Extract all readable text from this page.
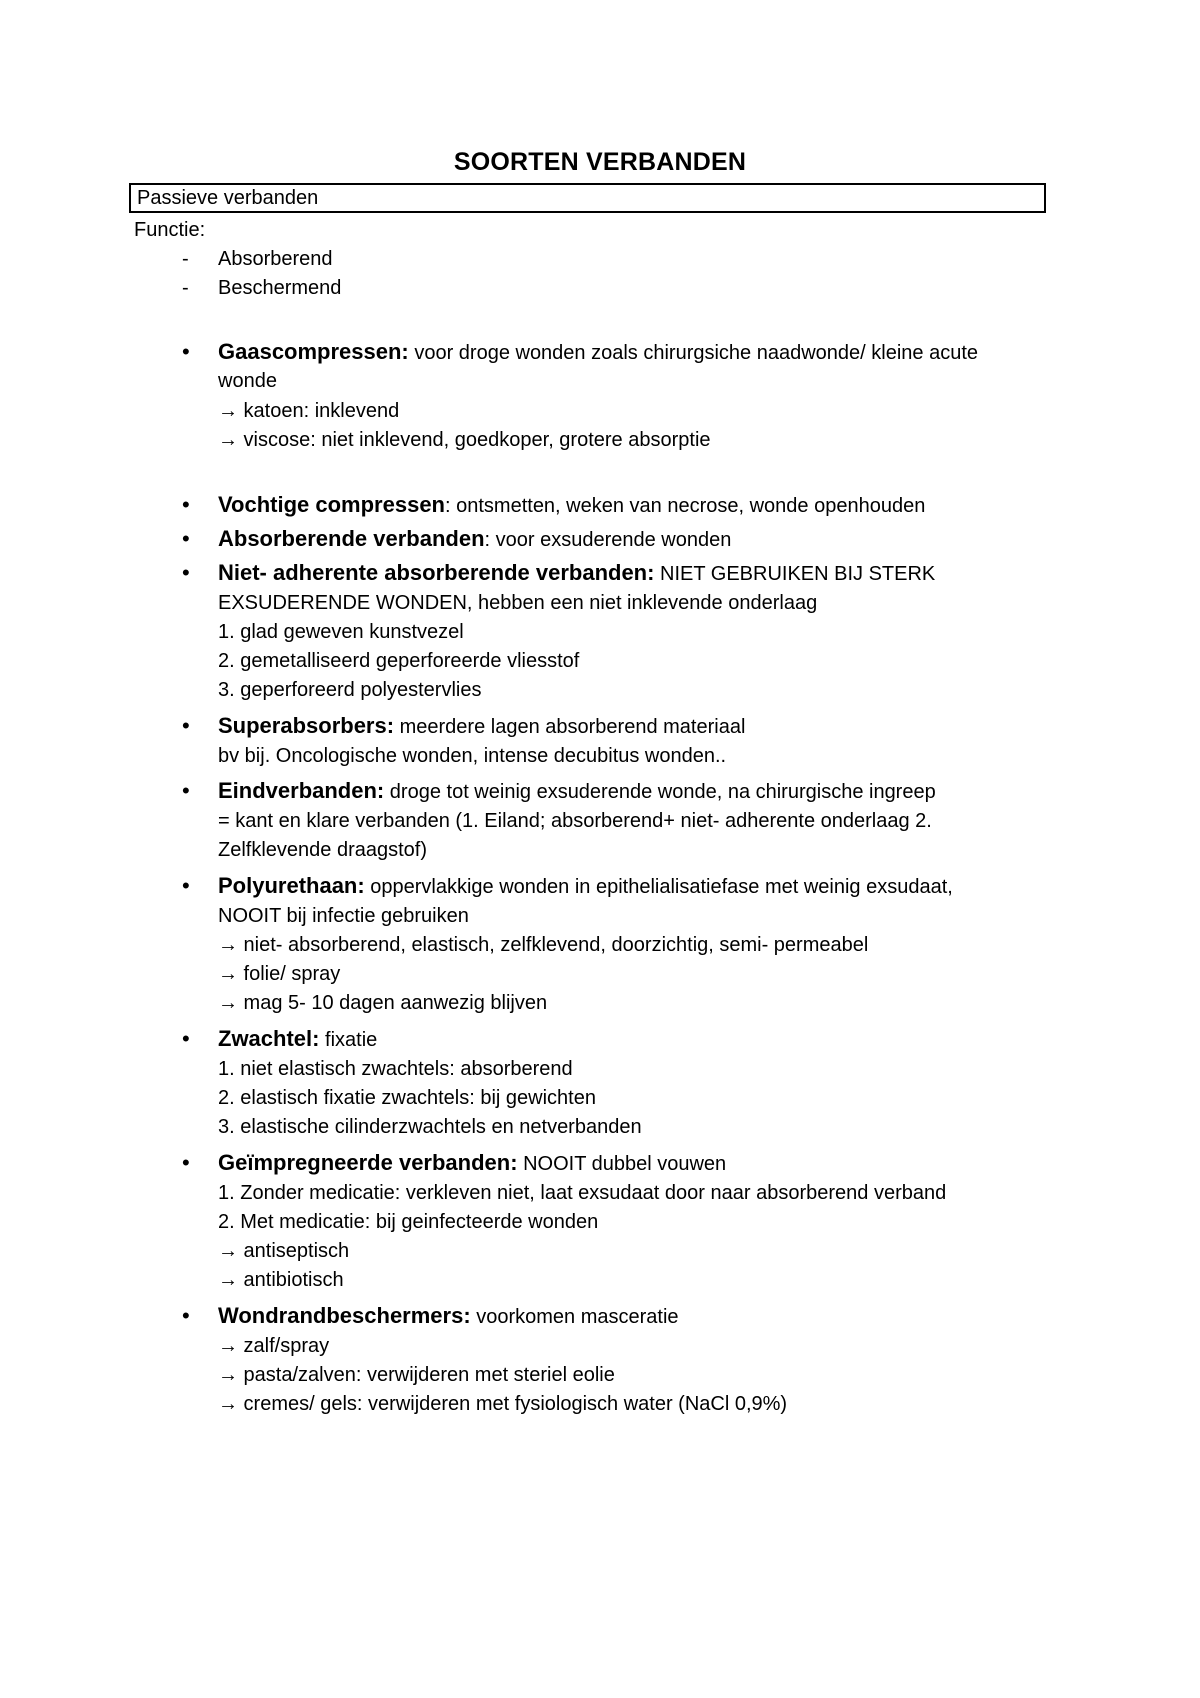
SOORTEN VERBANDEN
Passieve verbanden
Functie:
- Absorberend
- Beschermend
• Gaascompressen: voor droge wonden zoals chirurgsiche naadwonde/ kleine acute
wonde
→ katoen: inklevend
→ viscose: niet inklevend, goedkoper, grotere absorptie
• Vochtige compressen: ontsmetten, weken van necrose, wonde openhouden
• Absorberende verbanden: voor exsuderende wonden
• Niet- adherente absorberende verbanden: NIET GEBRUIKEN BIJ STERK
EXSUDERENDE WONDEN, hebben een niet inklevende onderlaag
1. glad geweven kunstvezel
2. gemetalliseerd geperforeerde vliesstof
3. geperforeerd polyestervlies
• Superabsorbers: meerdere lagen absorberend materiaal
bv bij. Oncologische wonden, intense decubitus wonden..
• Eindverbanden: droge tot weinig exsuderende wonde, na chirurgische ingreep
= kant en klare verbanden (1. Eiland; absorberend+ niet- adherente onderlaag 2.
Zelfklevende draagstof)
• Polyurethaan: oppervlakkige wonden in epithelialisatiefase met weinig exsudaat,
NOOIT bij infectie gebruiken
→ niet- absorberend, elastisch, zelfklevend, doorzichtig, semi- permeabel
→ folie/ spray
→ mag 5- 10 dagen aanwezig blijven
• Zwachtel: fixatie
1. niet elastisch zwachtels: absorberend
2. elastisch fixatie zwachtels: bij gewichten
3. elastische cilinderzwachtels en netverbanden
• Geïmpregneerde verbanden: NOOIT dubbel vouwen
1. Zonder medicatie: verkleven niet, laat exsudaat door naar absorberend verband
2. Met medicatie: bij geinfecteerde wonden
→ antiseptisch
→ antibiotisch
• Wondrandbeschermers: voorkomen masceratie
→ zalf/spray
→ pasta/zalven: verwijderen met steriel eolie
→ cremes/ gels: verwijderen met fysiologisch water (NaCl 0,9%)
